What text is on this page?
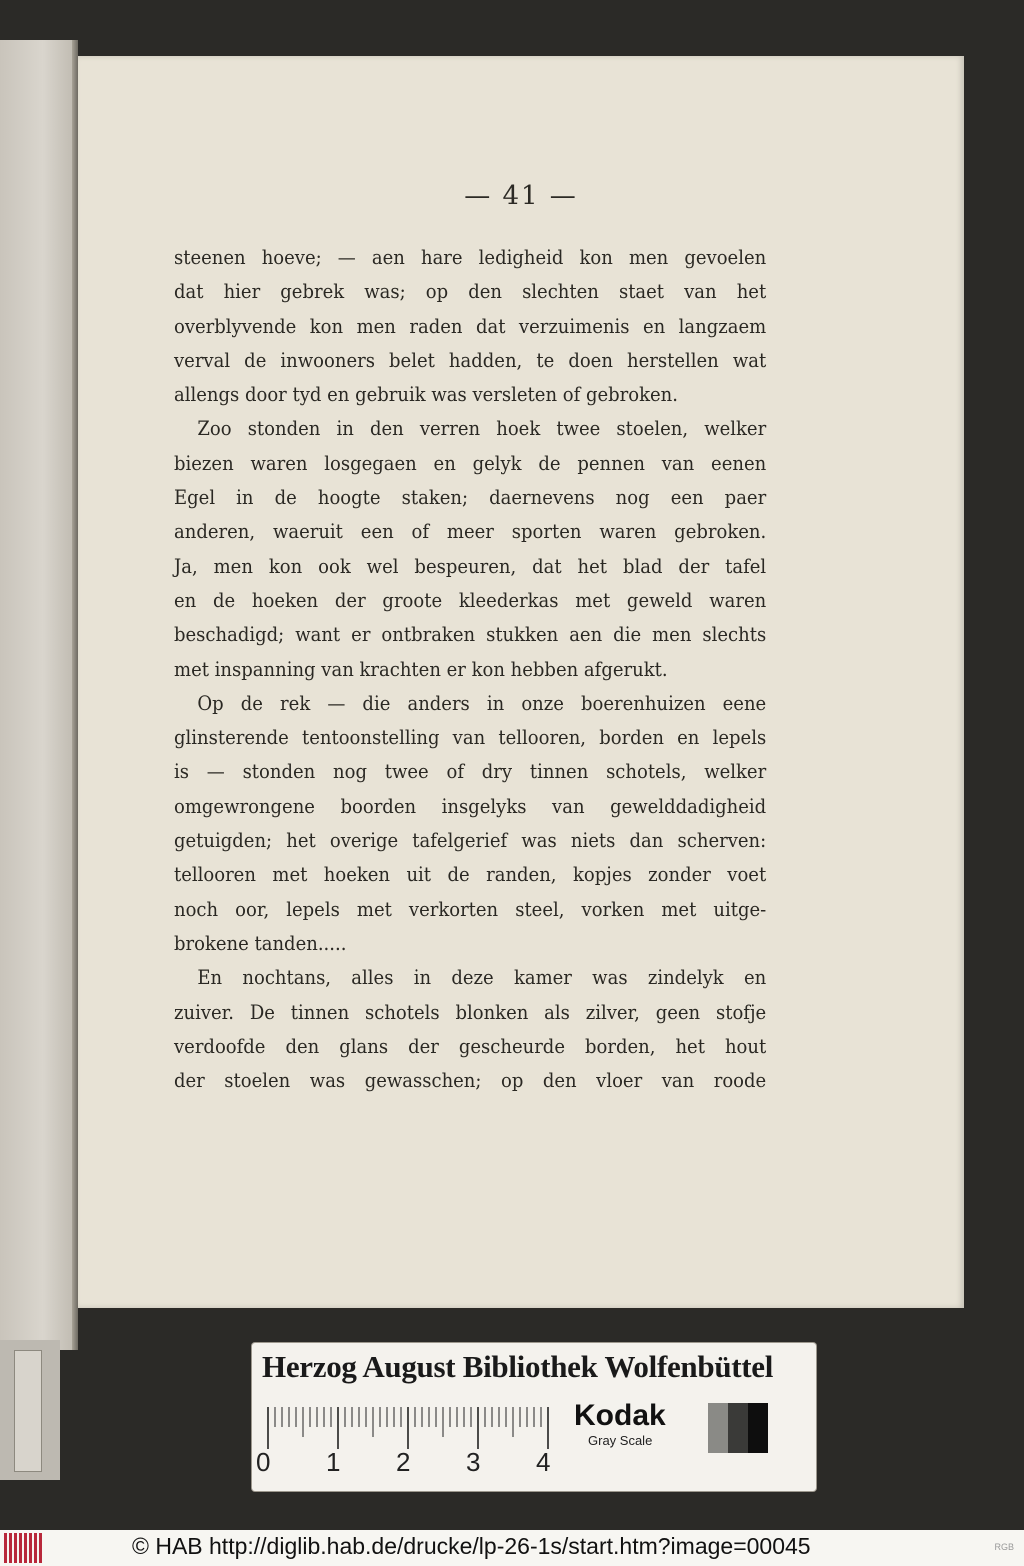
— 41 —
steenen hoeve; — aen hare ledigheid kon men gevoelen
dat hier gebrek was; op den slechten staet van het
overblyvende kon men raden dat verzuimenis en langzaem
verval de inwooners belet hadden, te doen herstellen wat
allengs door tyd en gebruik was versleten of gebroken.
Zoo stonden in den verren hoek twee stoelen, welker
biezen waren losgegaen en gelyk de pennen van eenen
Egel in de hoogte staken; daernevens nog een paer
anderen, waeruit een of meer sporten waren gebroken.
Ja, men kon ook wel bespeuren, dat het blad der tafel
en de hoeken der groote kleederkas met geweld waren
beschadigd; want er ontbraken stukken aen die men slechts
met inspanning van krachten er kon hebben afgerukt.
Op de rek — die anders in onze boerenhuizen eene
glinsterende tentoonstelling van tellooren, borden en lepels
is — stonden nog twee of dry tinnen schotels, welker
omgewrongene boorden insgelyks van gewelddadigheid
getuigden; het overige tafelgerief was niets dan scherven:
tellooren met hoeken uit de randen, kopjes zonder voet
noch oor, lepels met verkorten steel, vorken met uitge-
brokene tanden.....
En nochtans, alles in deze kamer was zindelyk en
zuiver. De tinnen schotels blonken als zilver, geen stofje
verdoofde den glans der gescheurde borden, het hout
der stoelen was gewasschen; op den vloer van roode
Herzog August Bibliothek Wolfenbüttel
0 1 2 3 4
Kodak
Gray Scale
© HAB http://diglib.hab.de/drucke/lp-26-1s/start.htm?image=00045	RGB
